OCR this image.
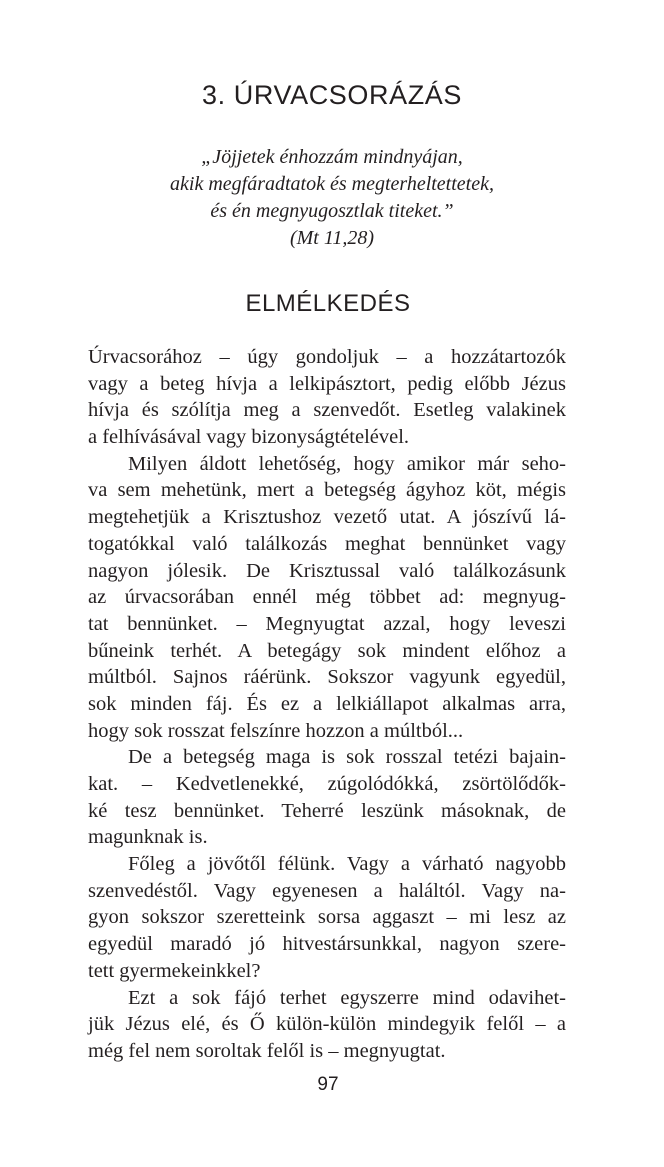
3. ÚRVACSORÁZÁS
„Jöjjetek énhozzám mindnyájan,
akik megfáradtatok és megterheltettetek,
és én megnyugosztlak titeket.”
(Mt 11,28)
ELMÉLKEDÉS
Úrvacsorához – úgy gondoljuk – a hozzátartozók
vagy a beteg hívja a lelkipásztort, pedig előbb Jézus
hívja és szólítja meg a szenvedőt. Esetleg valakinek
a felhívásával vagy bizonyságtételével.
Milyen áldott lehetőség, hogy amikor már seho-
va sem mehetünk, mert a betegség ágyhoz köt, mégis
megtehetjük a Krisztushoz vezető utat. A jószívű lá-
togatókkal való találkozás meghat bennünket vagy
nagyon jólesik. De Krisztussal való találkozásunk
az úrvacsorában ennél még többet ad: megnyug-
tat bennünket. – Megnyugtat azzal, hogy leveszi
bűneink terhét. A betegágy sok mindent előhoz a
múltból. Sajnos ráérünk. Sokszor vagyunk egyedül,
sok minden fáj. És ez a lelkiállapot alkalmas arra,
hogy sok rosszat felszínre hozzon a múltból...
De a betegség maga is sok rosszal tetézi bajain-
kat. – Kedvetlenekké, zúgolódókká, zsörtölődők-
ké tesz bennünket. Teherré leszünk másoknak, de
magunknak is.
Főleg a jövőtől félünk. Vagy a várható nagyobb
szenvedéstől. Vagy egyenesen a haláltól. Vagy na-
gyon sokszor szeretteink sorsa aggaszt – mi lesz az
egyedül maradó jó hitvestársunkkal, nagyon szere-
tett gyermekeinkkel?
Ezt a sok fájó terhet egyszerre mind odavihet-
jük Jézus elé, és Ő külön-külön mindegyik felől – a
még fel nem soroltak felől is – megnyugtat.
97
